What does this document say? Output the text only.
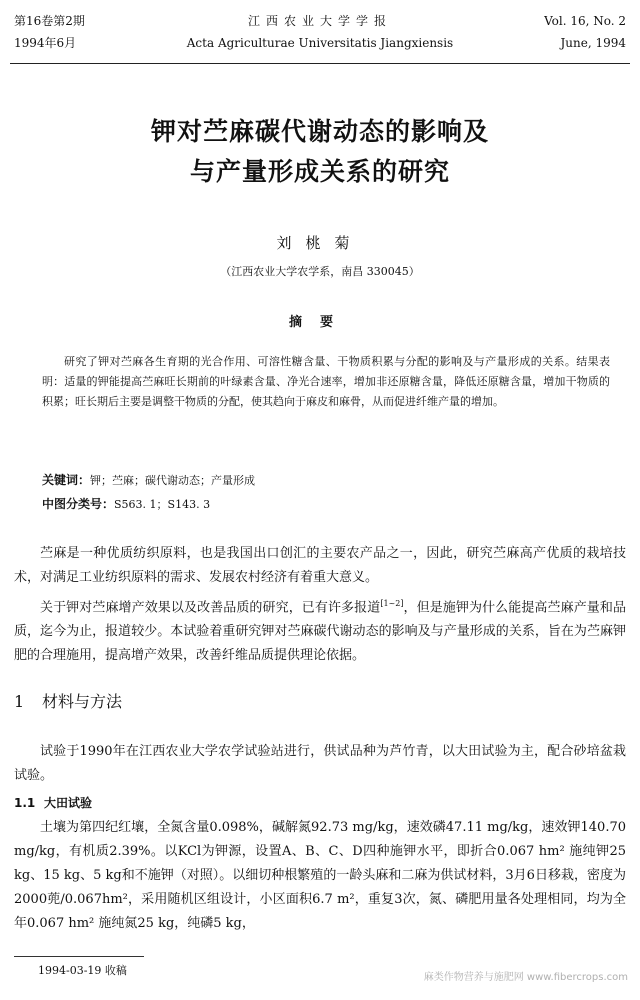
第16卷第2期
1994年6月
江西农业大学学报
Acta Agriculturae Universitatis Jiangxiensis
Vol. 16, No. 2
June, 1994
钾对苎麻碳代谢动态的影响及
与产量形成关系的研究
刘桃菊
（江西农业大学农学系，南昌 330045）
摘要
研究了钾对苎麻各生育期的光合作用、可溶性糖含量、干物质积累与分配的影响及与产量形成的关系。结果表明：适量的钾能提高苎麻旺长期前的叶绿素含量、净光合速率，增加非还原糖含量，降低还原糖含量，增加干物质的积累；旺长期后主要是调整干物质的分配，使其趋向于麻皮和麻骨，从而促进纤维产量的增加。
关键词：钾；苎麻；碳代谢动态；产量形成
中图分类号：S563. 1；S143. 3
苎麻是一种优质纺织原料，也是我国出口创汇的主要农产品之一，因此，研究苎麻高产优质的栽培技术，对满足工业纺织原料的需求、发展农村经济有着重大意义。
关于钾对苎麻增产效果以及改善品质的研究，已有许多报道[1~2]，但是施钾为什么能提高苎麻产量和品质，迄今为止，报道较少。本试验着重研究钾对苎麻碳代谢动态的影响及与产量形成的关系，旨在为苎麻钾肥的合理施用，提高增产效果，改善纤维品质提供理论依据。
1 材料与方法
试验于1990年在江西农业大学农学试验站进行，供试品种为芦竹青，以大田试验为主，配合砂培盆栽试验。
1.1 大田试验
土壤为第四纪红壤，全氮含量0.098%，碱解氮92.73 mg/kg，速效磷47.11 mg/kg，速效钾140.70 mg/kg，有机质2.39%。以KCl为钾源，设置A、B、C、D四种施钾水平，即折合0.067 hm² 施纯钾25 kg、15 kg、5 kg和不施钾（对照）。以细切种根繁殖的一龄头麻和二麻为供试材料，3月6日移栽，密度为2000蔸/0.067hm²，采用随机区组设计，小区面积6.7 m²，重复3次，氮、磷肥用量各处理相同，均为全年0.067 hm² 施纯氮25 kg，纯磷5 kg，
1994-03-19 收稿
麻类作物营养与施肥网 www.fibercrops.com
